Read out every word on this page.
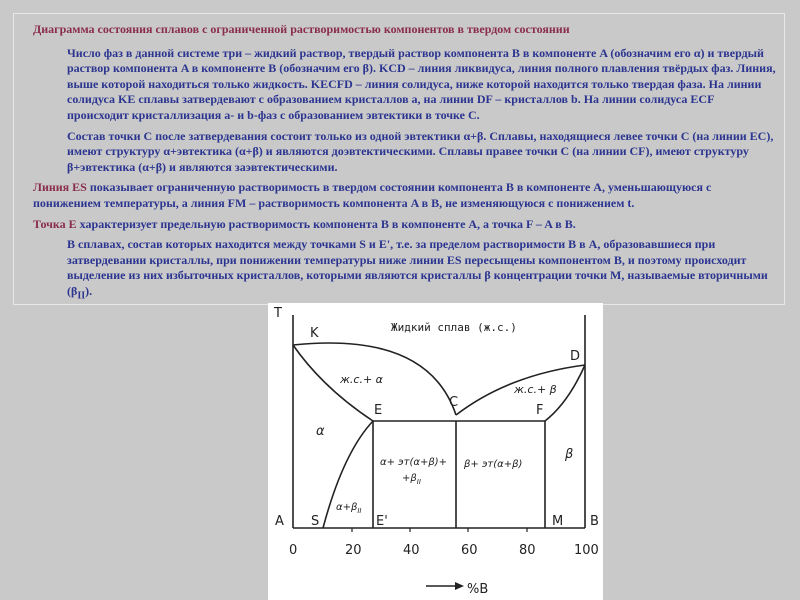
Диаграмма состояния сплавов с ограниченной растворимостью компонентов в твердом состоянии

Число фаз в данной системе три – жидкий раствор, твердый раствор компонента B в компоненте A (обозначим его α) и твердый раствор компонента A в компоненте B (обозначим его β). KCD – линия ликвидуса, линия полного плавления твёрдых фаз. Линия, выше которой находиться только жидкость. KECFD – линия солидуса, ниже которой находится только твердая фаза. На линии солидуса KE сплавы затвердевают с образованием кристаллов a, на линии DF – кристаллов b. На линии солидуса ECF происходит кристаллизация a- и b-фаз с образованием эвтектики в точке C.

Состав точки C после затвердевания состоит только из одной эвтектики α+β. Сплавы, находящиеся левее точки C (на линии EC), имеют структуру α+эвтектика (α+β) и являются доэвтектическими. Сплавы правее точки C (на линии CF), имеют структуру β+эвтектика (α+β) и являются заэвтектическими.

Линия ES показывает ограниченную растворимость в твердом состоянии компонента B в компоненте A, уменьшающуюся с понижением температуры, а линия FM – растворимость компонента A в B, не изменяющуюся с понижением t.

Точка E характеризует предельную растворимость компонента B в компоненте A, а точка F – A в B.

В сплавах, состав которых находится между точками S и E', т.е. за пределом растворимости B в A, образовавшиеся при затвердевании кристаллы, при понижении температуры ниже линии ES пересыщены компонентом B, и поэтому происходит выделение из них избыточных кристаллов, которыми являются кристаллы β концентрации точки M, называемые вторичными $(\beta_{II})$.

T
%B
0	20	40	60	80	100
K
D
E
C
F
A S	E'	M B
Жидкий сплав (ж.с.)
ж.с.+ α
ж.с.+ β
α
β
$\alpha+\beta_{II}$
α+ эт(α+β)+
$+\beta_{II}$
β+ эт(α+β)
